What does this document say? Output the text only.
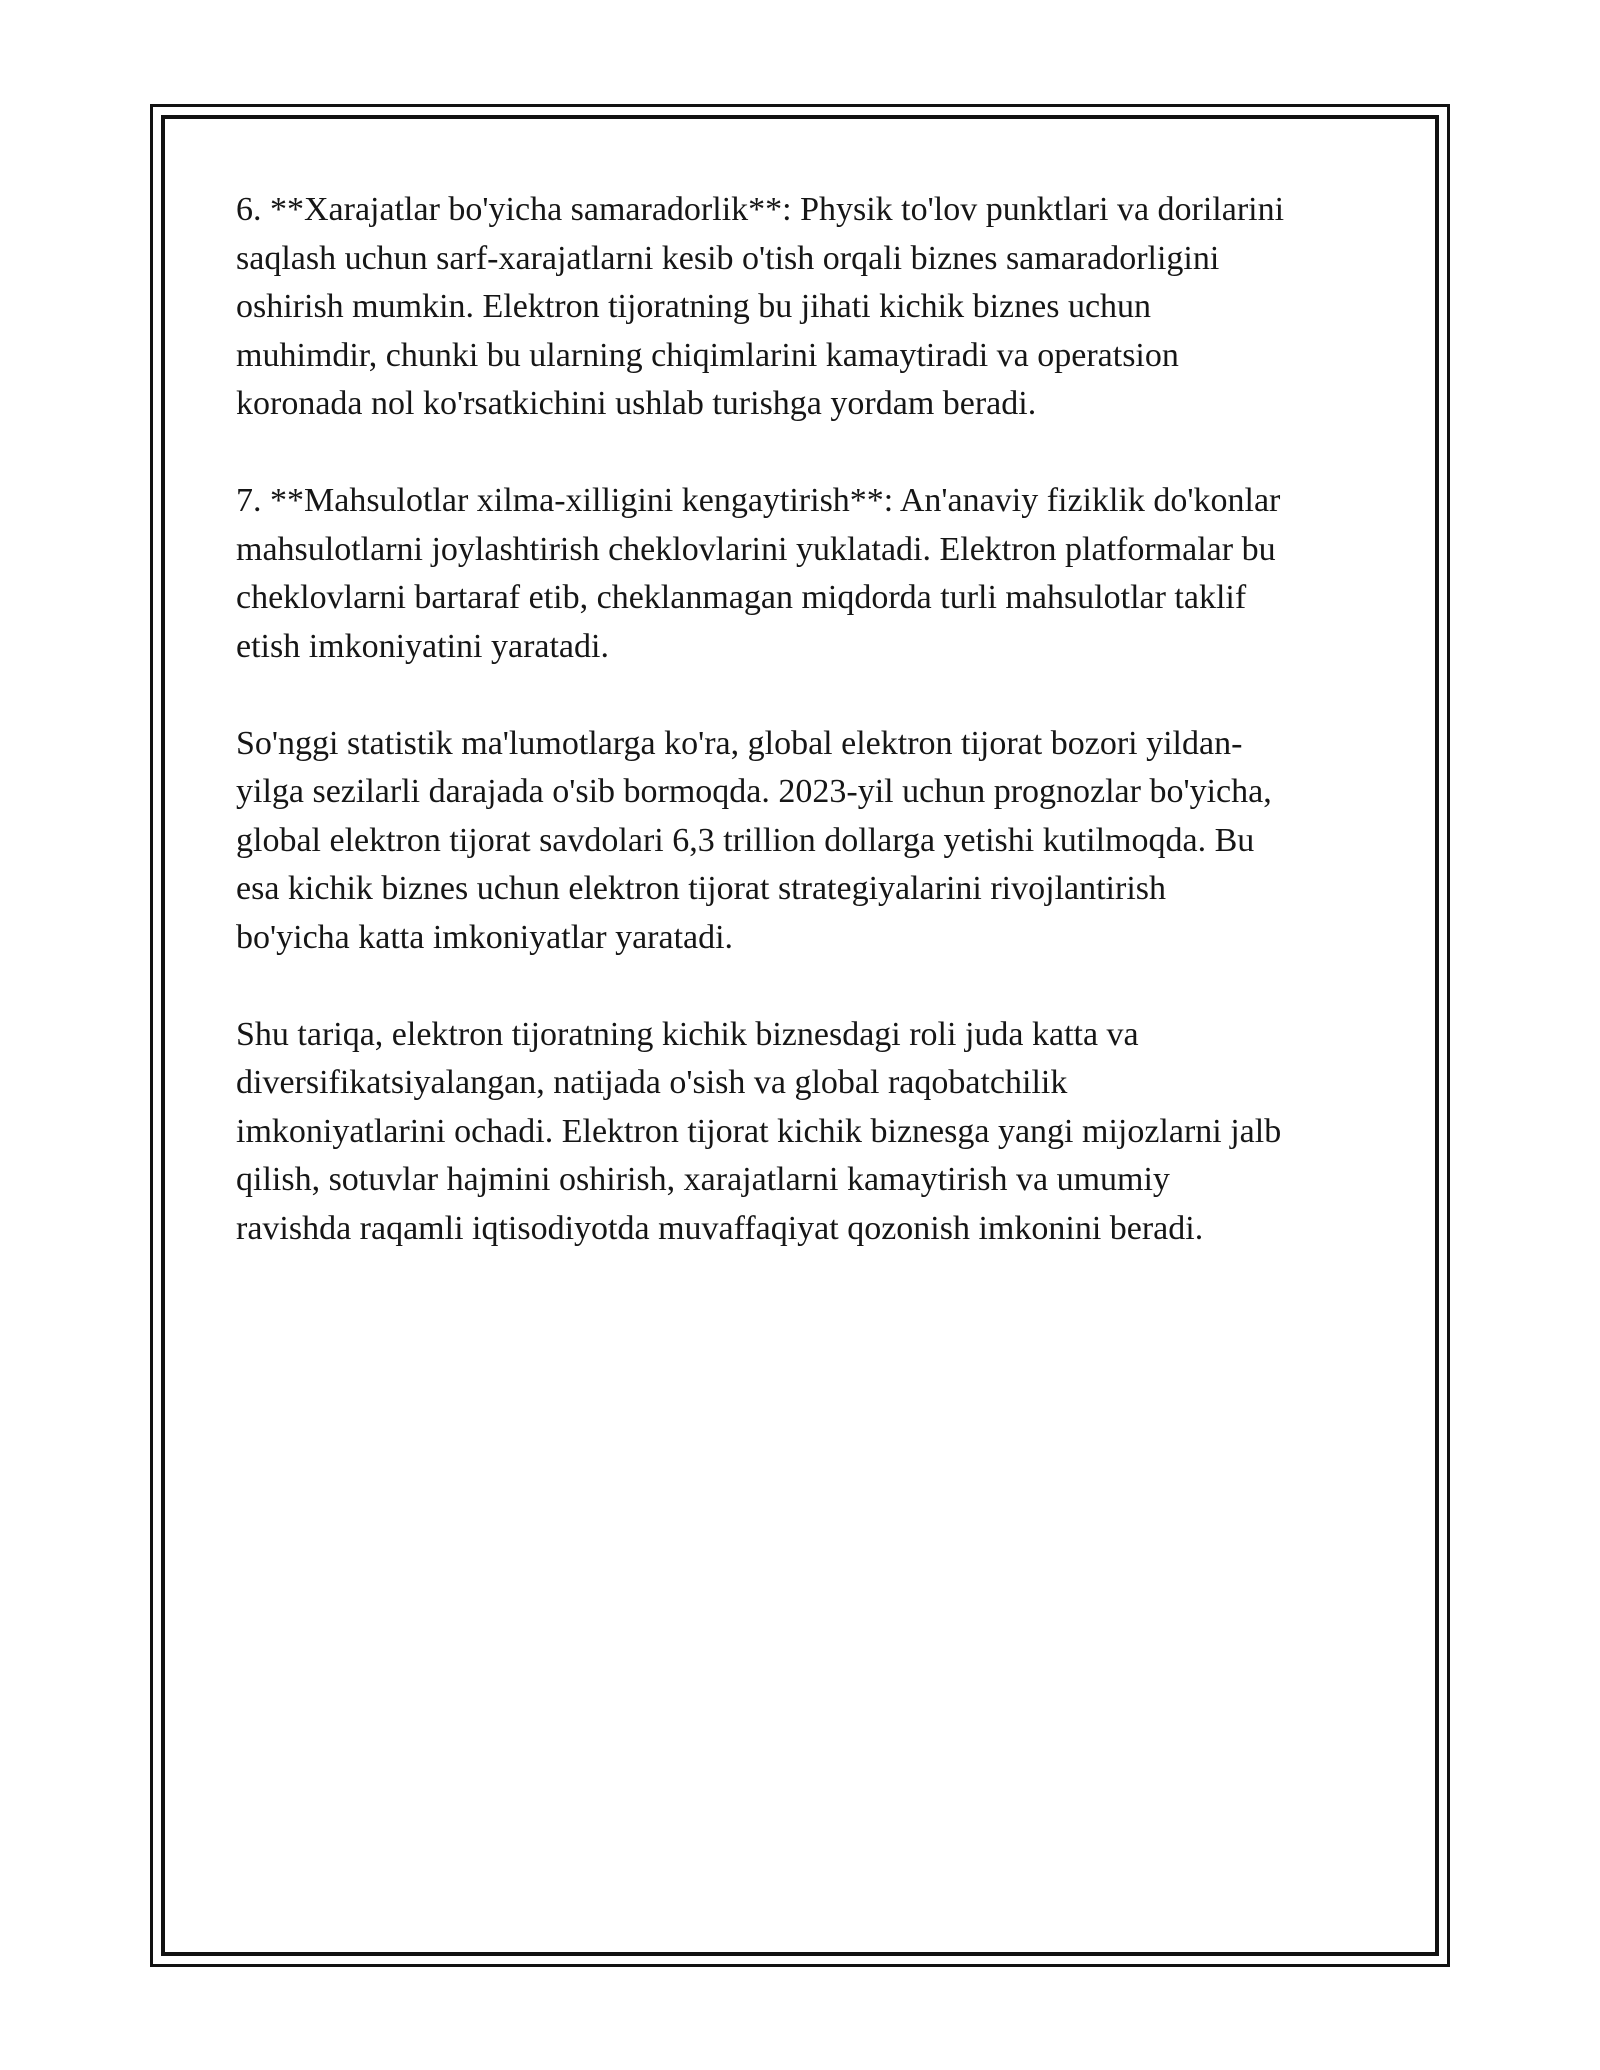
6. **Xarajatlar bo'yicha samaradorlik**: Physik to'lov punktlari va dorilarini
saqlash uchun sarf-xarajatlarni kesib o'tish orqali biznes samaradorligini
oshirish mumkin. Elektron tijoratning bu jihati kichik biznes uchun
muhimdir, chunki bu ularning chiqimlarini kamaytiradi va operatsion
koronada nol ko'rsatkichini ushlab turishga yordam beradi.

7. **Mahsulotlar xilma-xilligini kengaytirish**: An'anaviy fiziklik do'konlar
mahsulotlarni joylashtirish cheklovlarini yuklatadi. Elektron platformalar bu
cheklovlarni bartaraf etib, cheklanmagan miqdorda turli mahsulotlar taklif
etish imkoniyatini yaratadi.

So'nggi statistik ma'lumotlarga ko'ra, global elektron tijorat bozori yildan-
yilga sezilarli darajada o'sib bormoqda. 2023-yil uchun prognozlar bo'yicha,
global elektron tijorat savdolari 6,3 trillion dollarga yetishi kutilmoqda. Bu
esa kichik biznes uchun elektron tijorat strategiyalarini rivojlantirish
bo'yicha katta imkoniyatlar yaratadi.

Shu tariqa, elektron tijoratning kichik biznesdagi roli juda katta va
diversifikatsiyalangan, natijada o'sish va global raqobatchilik
imkoniyatlarini ochadi. Elektron tijorat kichik biznesga yangi mijozlarni jalb
qilish, sotuvlar hajmini oshirish, xarajatlarni kamaytirish va umumiy
ravishda raqamli iqtisodiyotda muvaffaqiyat qozonish imkonini beradi.
